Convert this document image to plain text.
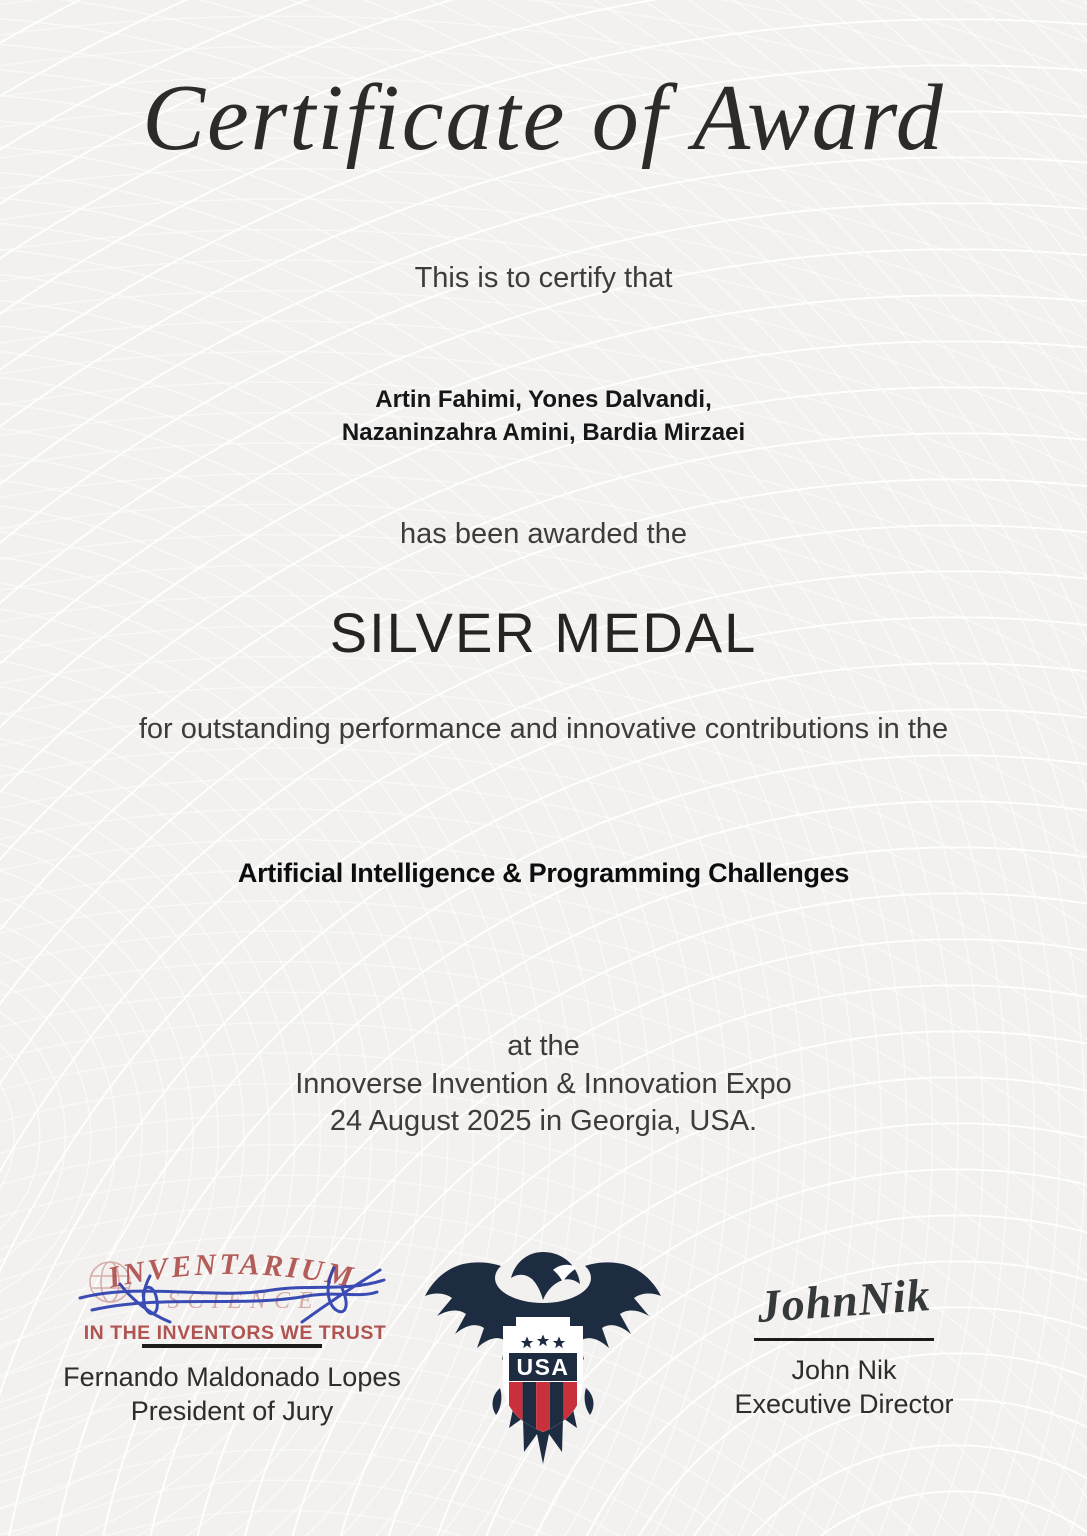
Certificate of Award
This is to certify that
Artin Fahimi, Yones Dalvandi,
Nazaninzahra Amini, Bardia Mirzaei
has been awarded the
SILVER MEDAL
for outstanding performance and innovative contributions in the
Artificial Intelligence & Programming Challenges
at the
Innoverse Invention & Innovation Expo
24 August 2025 in Georgia, USA.
INVENTARIUM
SCIENCE
IN THE INVENTORS WE TRUST
Fernando Maldonado Lopes
President of Jury
USA
JohnNik
John Nik
Executive Director
